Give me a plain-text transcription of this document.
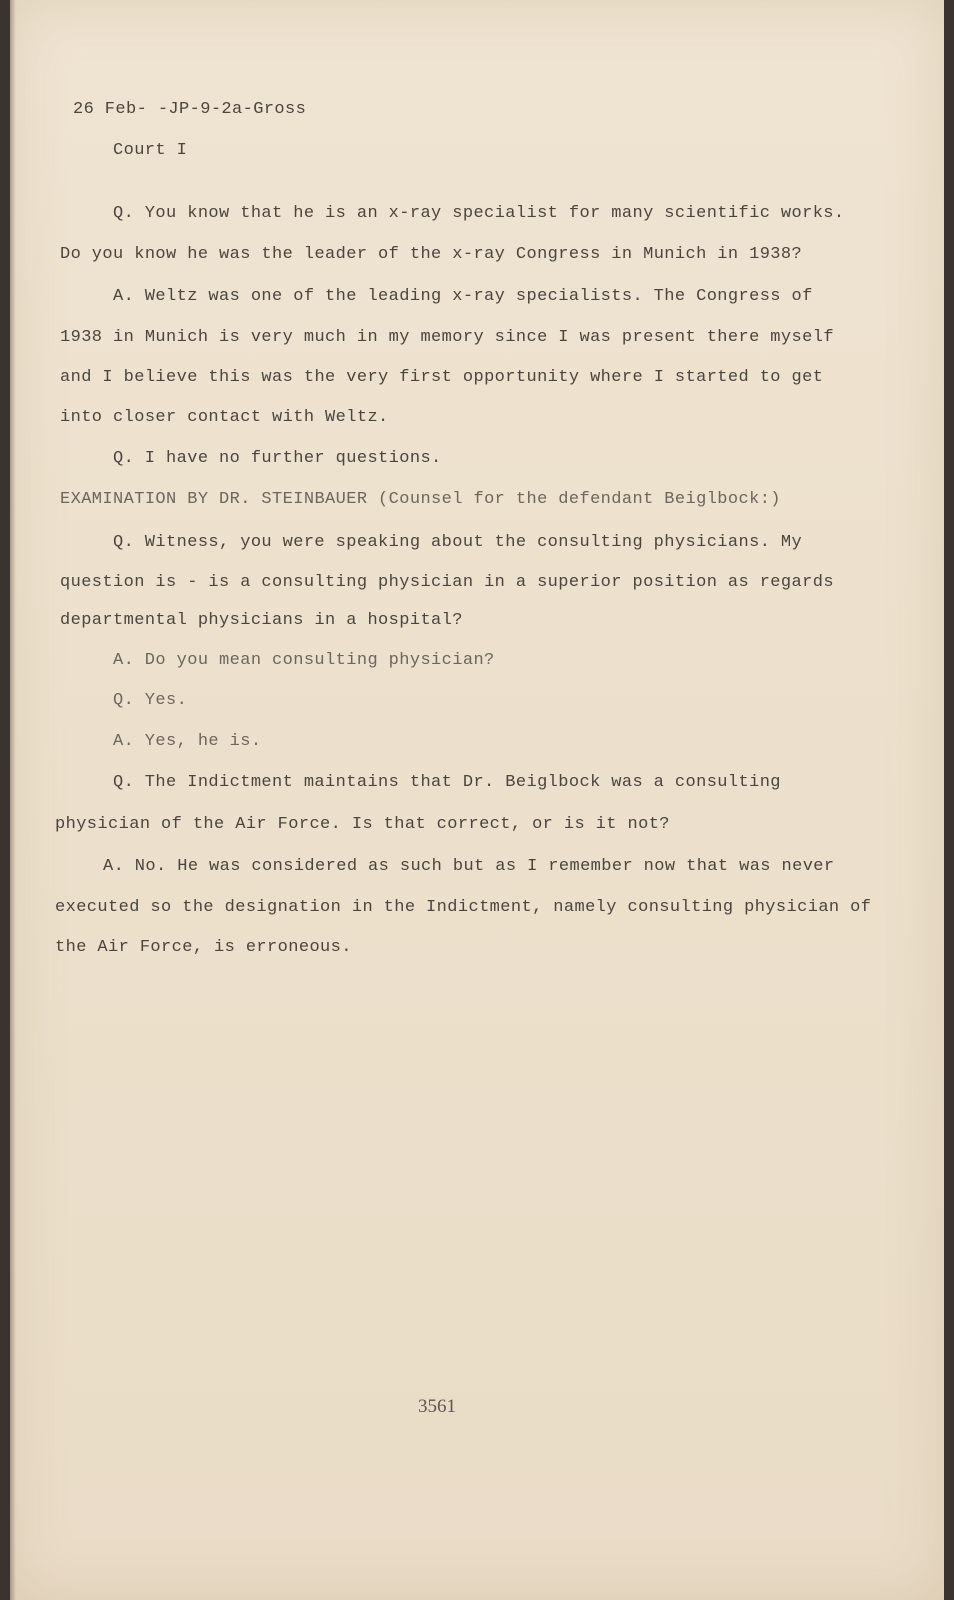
26 Feb- -JP-9-2a-Gross
Court I
Q. You know that he is an x-ray specialist for many scientific works.
Do you know he was the leader of the x-ray Congress in Munich in 1938?
A. Weltz was one of the leading x-ray specialists. The Congress of
1938 in Munich is very much in my memory since I was present there myself
and I believe this was the very first opportunity where I started to get
into closer contact with Weltz.
Q. I have no further questions.
EXAMINATION BY DR. STEINBAUER (Counsel for the defendant Beiglbock:)
Q. Witness, you were speaking about the consulting physicians. My
question is - is a consulting physician in a superior position as regards
departmental physicians in a hospital?
A. Do you mean consulting physician?
Q. Yes.
A. Yes, he is.
Q. The Indictment maintains that Dr. Beiglbock was a consulting
physician of the Air Force. Is that correct, or is it not?
A. No. He was considered as such but as I remember now that was never
executed so the designation in the Indictment, namely consulting physician of
the Air Force, is erroneous.
3561
